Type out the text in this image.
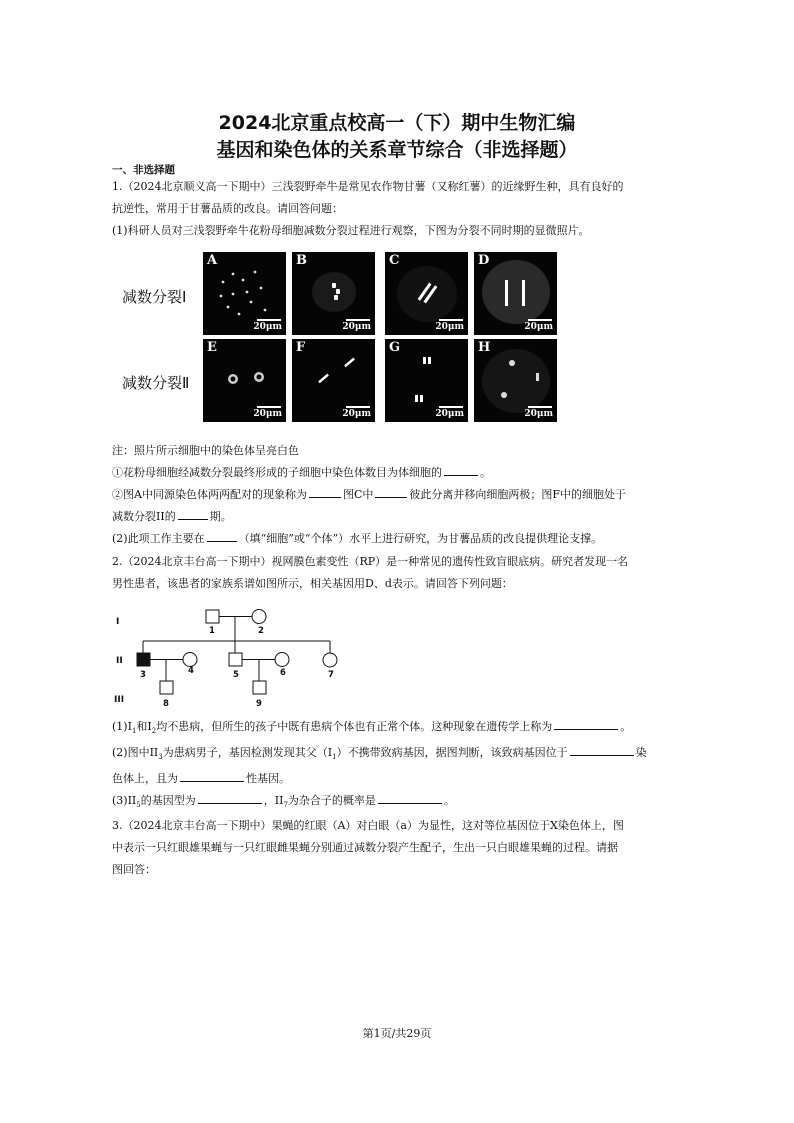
2024北京重点校高一（下）期中生物汇编
基因和染色体的关系章节综合（非选择题）
一、非选择题
1.（2024北京顺义高一下期中）三浅裂野牵牛是常见农作物甘薯（又称红薯）的近缘野生种，具有良好的
抗逆性，常用于甘薯品质的改良。请回答问题：
(1)科研人员对三浅裂野牵牛花粉母细胞减数分裂过程进行观察，下图为分裂不同时期的显微照片。
减数分裂Ⅰ
减数分裂Ⅱ
A
20μm
B
20μm
C
20μm
D
20μm
E
20μm
F
20μm
G
20μm
H
20μm
注：照片所示细胞中的染色体呈亮白色
①花粉母细胞经减数分裂最终形成的子细胞中染色体数目为体细胞的	。
②图A中同源染色体两两配对的现象称为	图C中	彼此分离并移向细胞两极；图F中的细胞处于
减数分裂II的	期。
(2)此项工作主要在	（填“细胞”或“个体”）水平上进行研究，为甘薯品质的改良提供理论支撑。
2.（2024北京丰台高一下期中）视网膜色素变性（RP）是一种常见的遗传性致盲眼底病。研究者发现一名
男性患者，该患者的家族系谱如图所示，相关基因用D、d表示。请回答下列问题：
I
II
III
1	2
3	4	5	6	7
8	9
$(1)I_1$和$I_2$均不患病，但所生的孩子中既有患病个体也有正常个体。这种现象在遗传学上称为	。
(2)图中$II_3$为患病男子，基因检测发现其父$(I_1)$不携带致病基因，据图判断，该致病基因位于	染
色体上，且为	性基因。
$(3)II_5$的基因型为	，$II_7$为杂合子的概率是	。
3.（2024北京丰台高一下期中）果蝇的红眼（A）对白眼（a）为显性，这对等位基因位于X染色体上，图
中表示一只红眼雄果蝇与一只红眼雌果蝇分别通过减数分裂产生配子，生出一只白眼雄果蝇的过程。请据
图回答：
第1页/共29页
